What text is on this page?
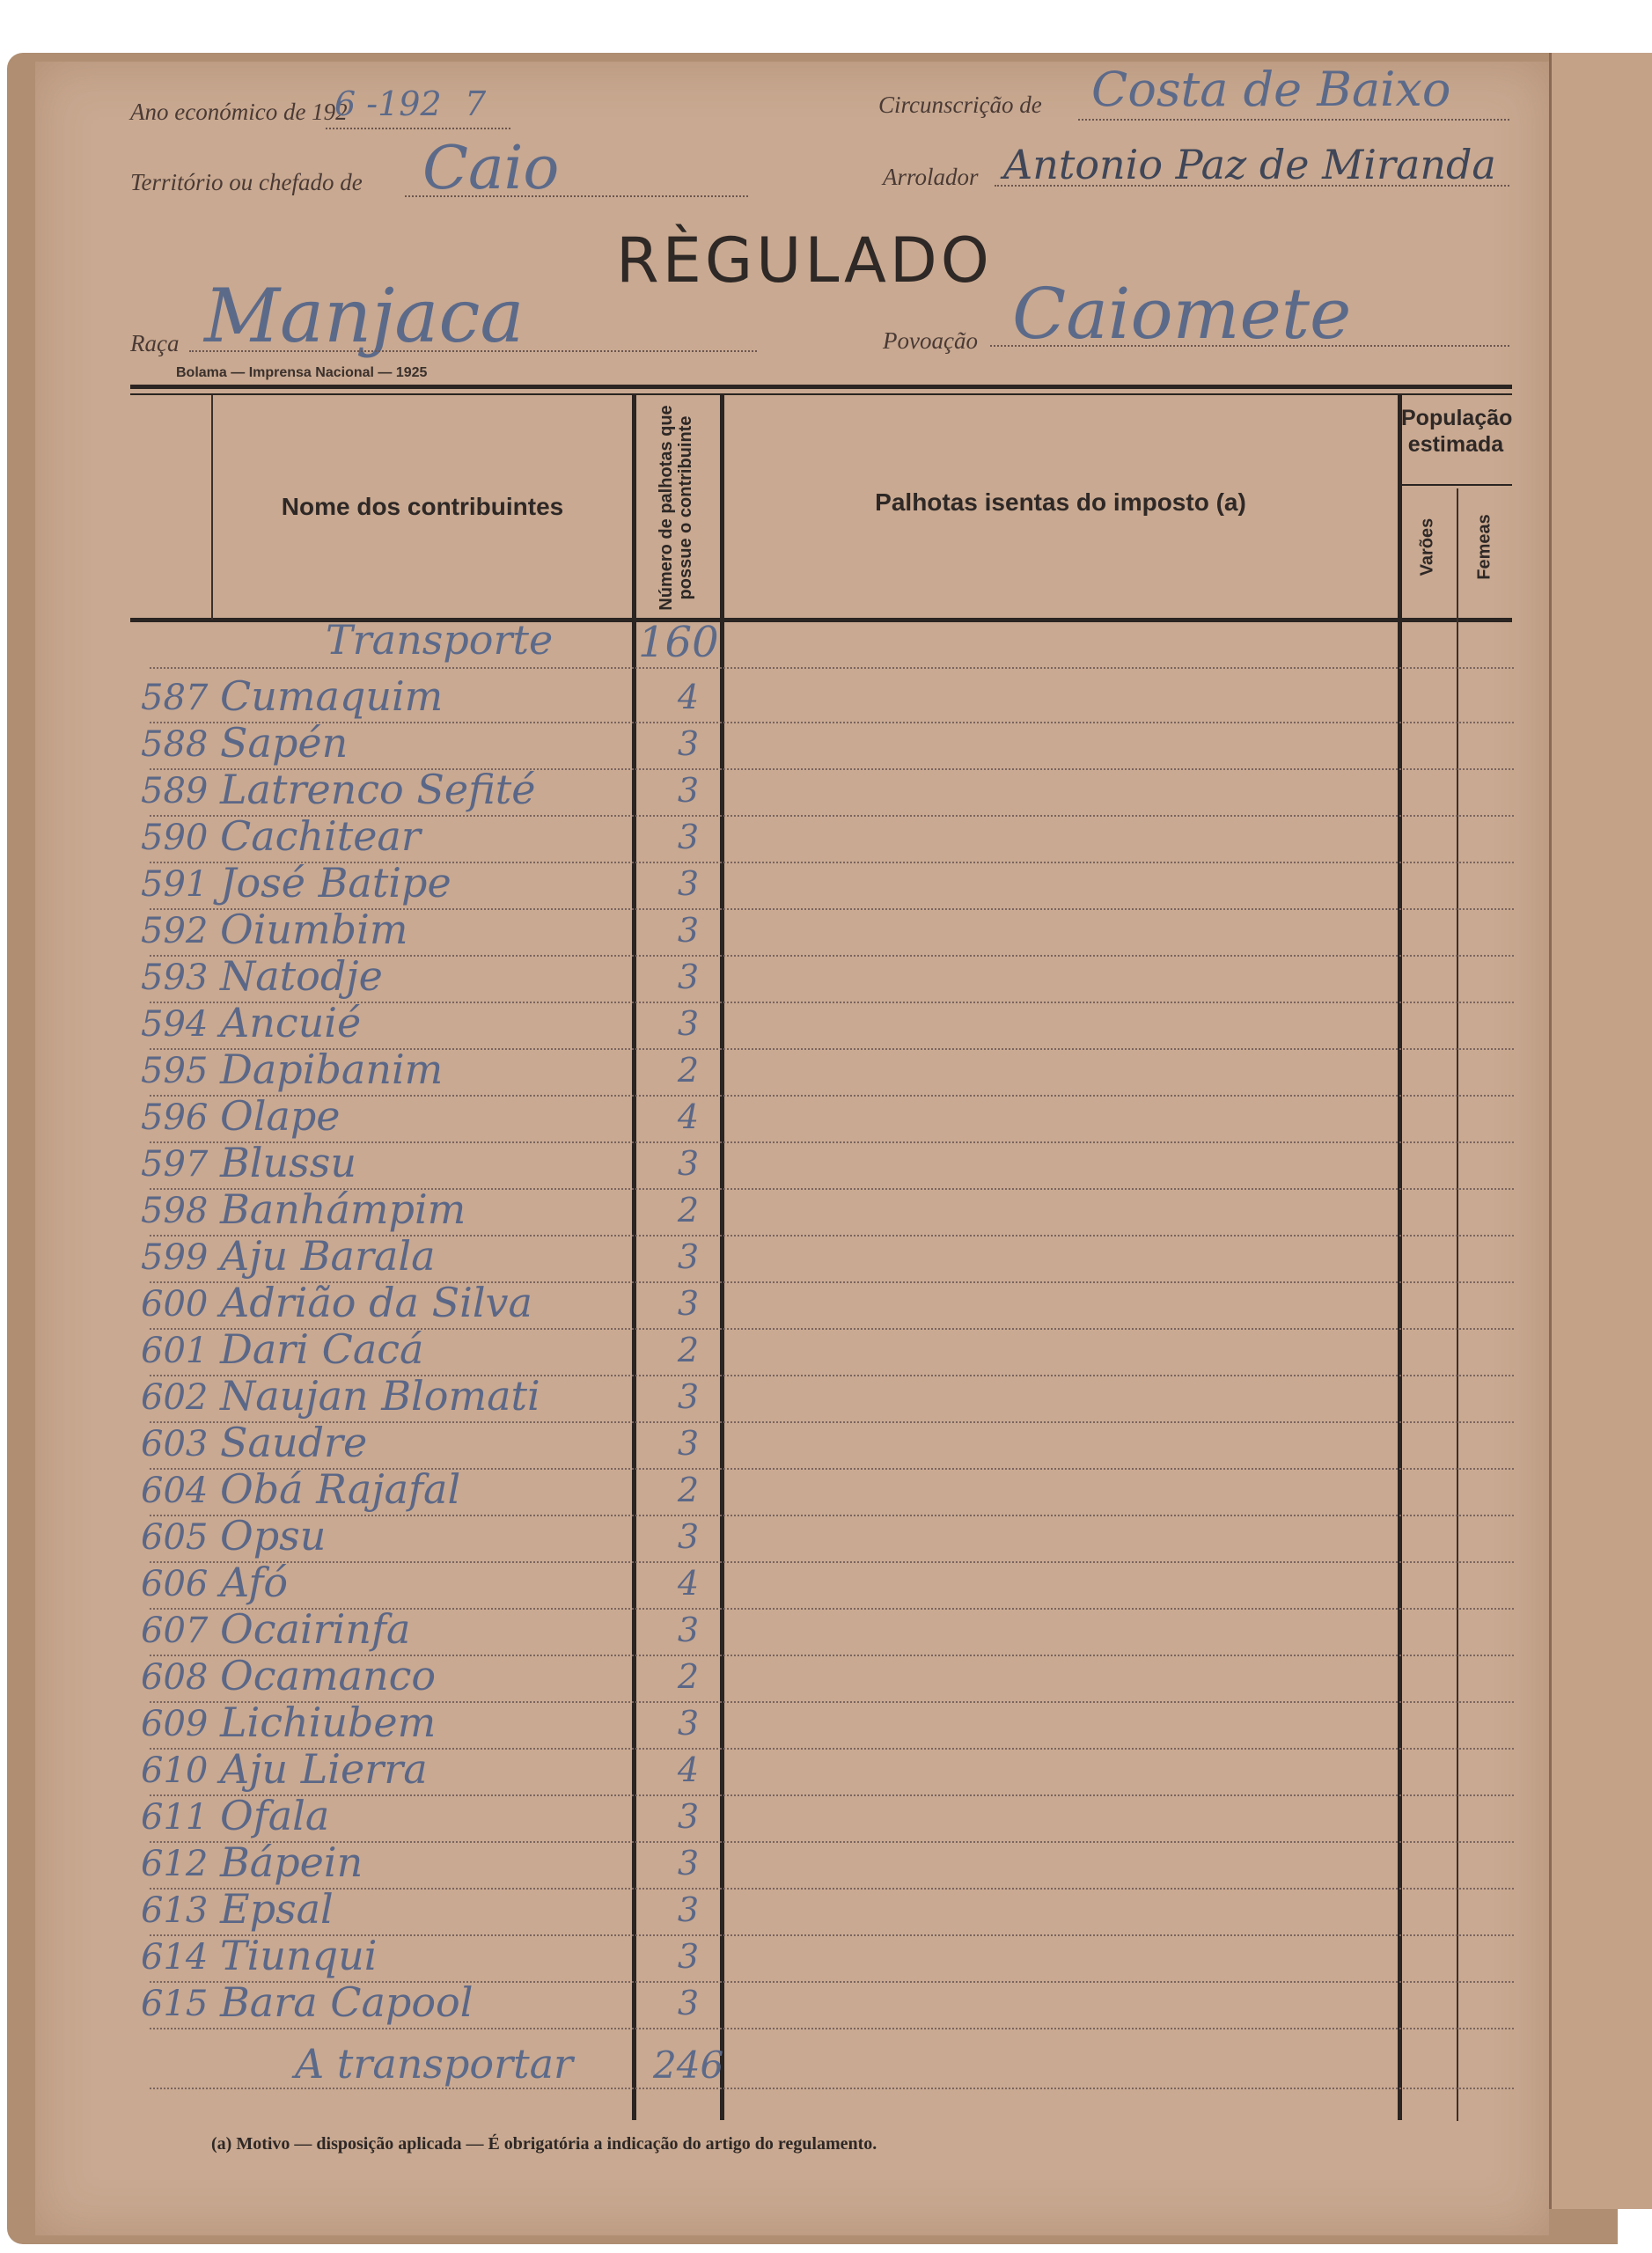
Ano económico de 192
6 -192 7	Circunscrição de Costa de Baixo
Território ou chefado de Caio	Arrolador Antonio Paz de Miranda
RÈGULADO
Raça Manjaca	Povoação Caiomete
Bolama — Imprensa Nacional — 1925
Nome dos contribuintes	Número de palhotas que possue o contribuinte	Palhotas isentas do imposto (a)
População estimada
Varões Femeas
Transporte 160
587 Cumaquim	4
588 Sapén	3
589 Latrenco Sefité	3
590 Cachitear	3
591 José Batipe	3
592 Oiumbim	3
593 Natodje	3
594 Ancuié	3
595 Dapibanim	2
596 Olape	4
597 Blussu	3
598 Banhámpim	2
599 Aju Barala	3
600 Adrião da Silva	3
601 Dari Cacá	2
602 Naujan Blomati	3
603 Saudre	3
604 Obá Rajafal	2
605 Opsu	3
606 Afó	4
607 Ocairinfa	3
608 Ocamanco	2
609 Lichiubem	3
610 Aju Lierra	4
611 Ofala	3
612 Bápein	3
613 Epsal	3
614 Tiunqui	3
615 Bara Capool	3
A transportar 246
(a) Motivo — disposição aplicada — É obrigatória a indicação do artigo do regulamento.
